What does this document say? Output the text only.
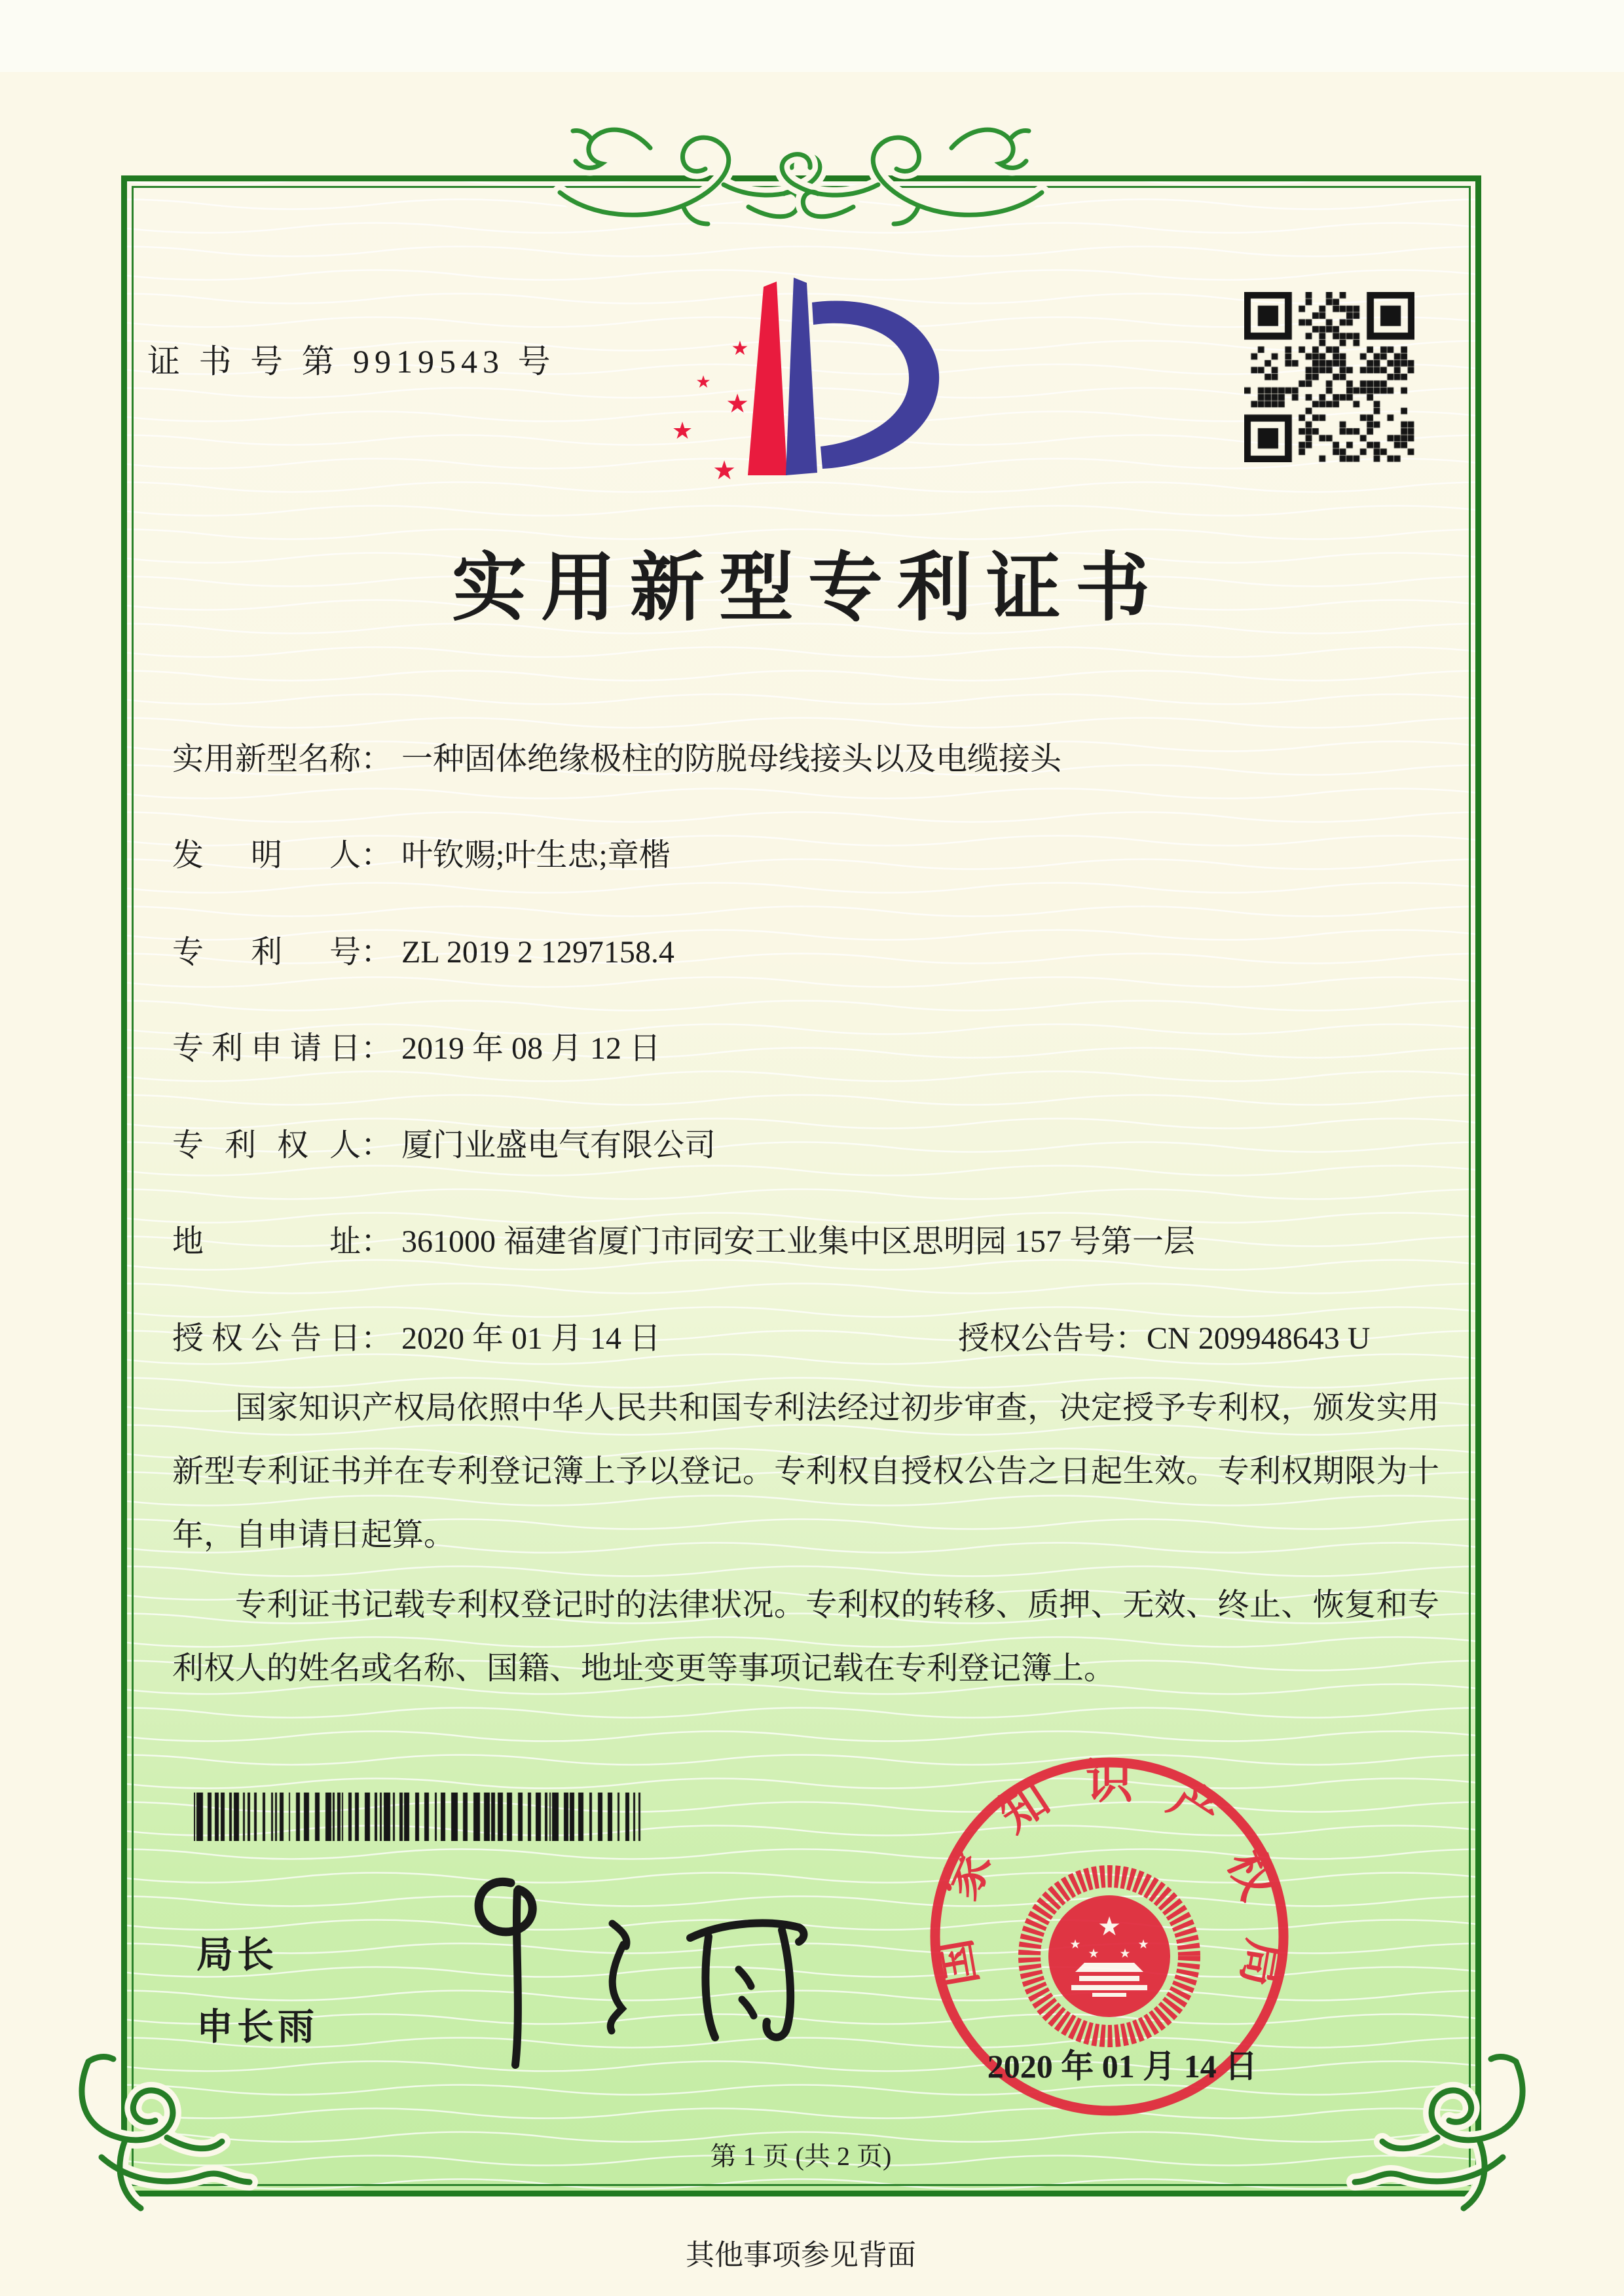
证 书 号 第 9919543 号	★
★
★
★
★
实用新型专利证书
实用新型名称： 一种固体绝缘极柱的防脱母线接头以及电缆接头
发明人： 叶钦赐;叶生忠;章楷
专利号： ZL 2019 2 1297158.4
专利申请日： 2019 年 08 月 12 日
专利权人： 厦门业盛电气有限公司
地址： 361000 福建省厦门市同安工业集中区思明园 157 号第一层
授权公告日： 2020 年 01 月 14 日	授权公告号：CN 209948643 U

国家知识产权局依照中华人民共和国专利法经过初步审查，决定授予专利权，颁发实用新型专利证书并在专利登记簿上予以登记。专利权自授权公告之日起生效。专利权期限为十年，自申请日起算。

专利证书记载专利权登记时的法律状况。专利权的转移、质押、无效、终止、恢复和专利权人的姓名或名称、国籍、地址变更等事项记载在专利登记簿上。

局长
申长雨
国家知识产权局
★
★
★ ★
★
2020 年 01 月 14 日
第 1 页 (共 2 页)
其他事项参见背面
